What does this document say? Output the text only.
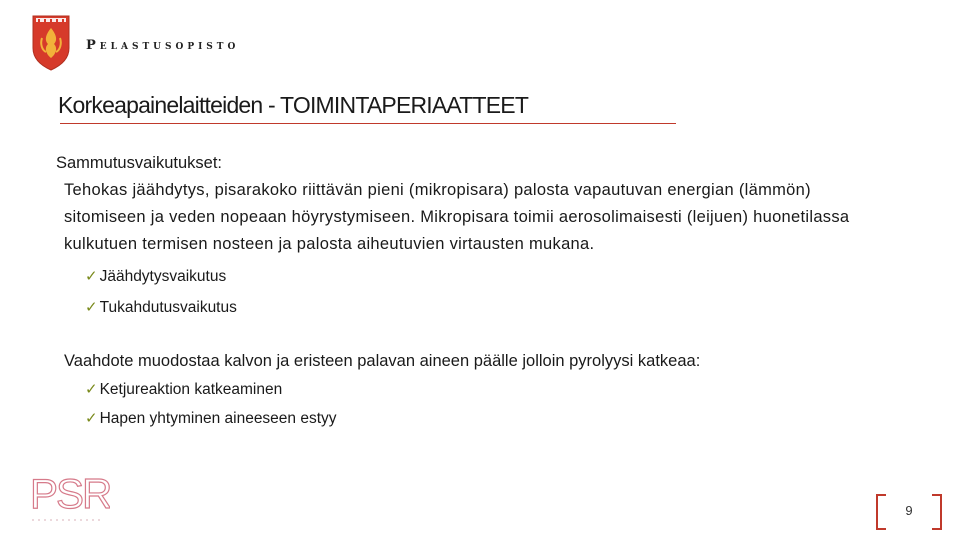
Pelastusopisto
Korkeapainelaitteiden - TOIMINTAPERIAATTEET
Sammutusvaikutukset:
Tehokas jäähdytys, pisarakoko riittävän pieni (mikropisara) palosta vapautuvan energian (lämmön) sitomiseen ja veden nopeaan höyrystymiseen. Mikropisara toimii aerosolimaisesti (leijuen) huonetilassa kulkutuen termisen nosteen ja palosta aiheutuvien virtausten mukana.
✓ Jäähdytysvaikutus
✓ Tukahdutusvaikutus
Vaahdote muodostaa kalvon ja eristeen palavan aineen päälle jolloin pyrolyysi katkeaa:
✓ Ketjureaktion katkeaminen
✓ Hapen yhtyminen aineeseen estyy
PSR	9
